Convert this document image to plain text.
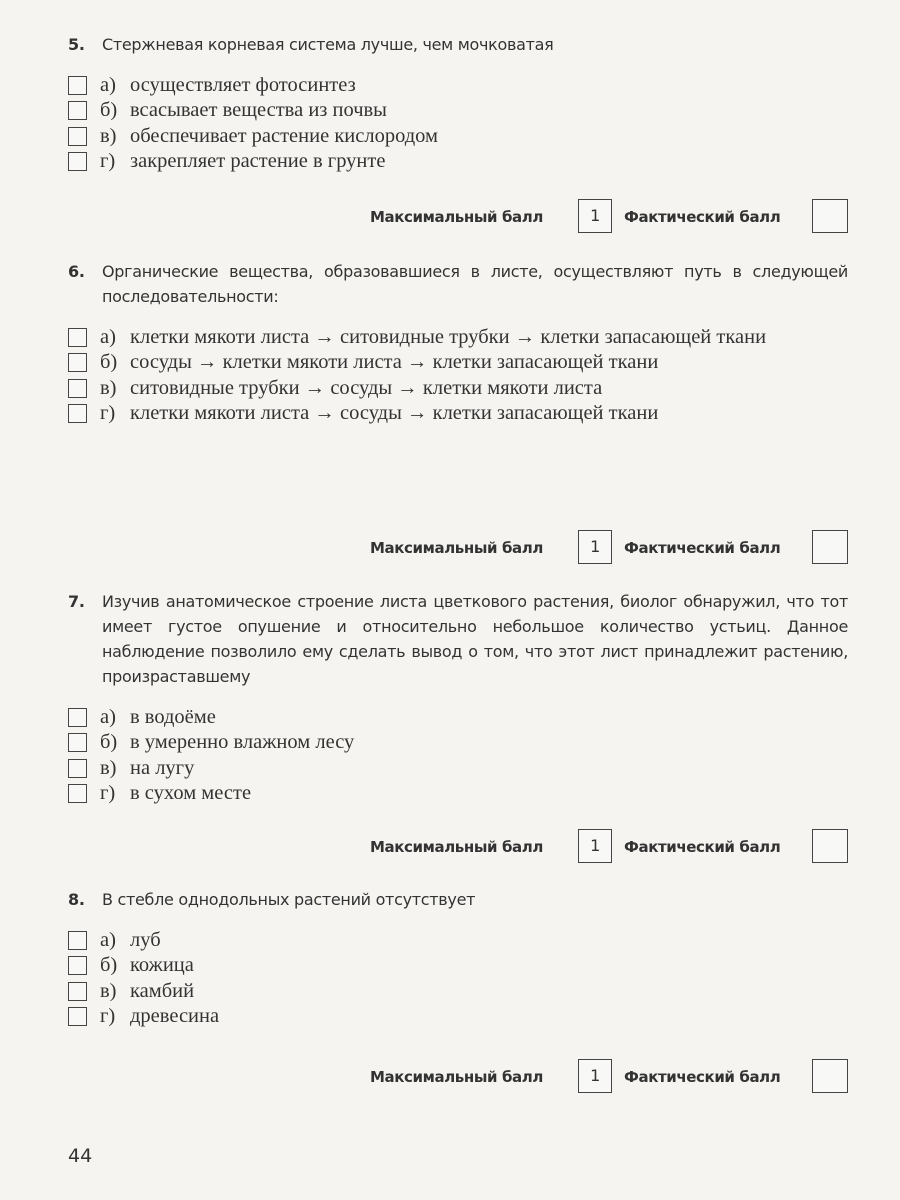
5. Стержневая корневая система лучше, чем мочковатая
а) осуществляет фотосинтез
б) всасывает вещества из почвы
в) обеспечивает растение кислородом
г) закрепляет растение в грунте
Максимальный балл	1	Фактический балл
6. Органические вещества, образовавшиеся в листе, осуществляют путь в следующей последовательности:
а) клетки мякоти листа → ситовидные трубки → клетки запасающей ткани
б) сосуды → клетки мякоти листа → клетки запасающей ткани
в) ситовидные трубки → сосуды → клетки мякоти листа
г) клетки мякоти листа → сосуды → клетки запасающей ткани
Максимальный балл	1	Фактический балл
7. Изучив анатомическое строение листа цветкового растения, биолог обнаружил, что тот имеет густое опушение и относительно небольшое количество устьиц. Данное наблюдение позволило ему сделать вывод о том, что этот лист принадлежит растению, произраставшему
а) в водоёме
б) в умеренно влажном лесу
в) на лугу
г) в сухом месте
Максимальный балл	1	Фактический балл
8. В стебле однодольных растений отсутствует
а) луб
б) кожица
в) камбий
г) древесина
Максимальный балл	1	Фактический балл
44
